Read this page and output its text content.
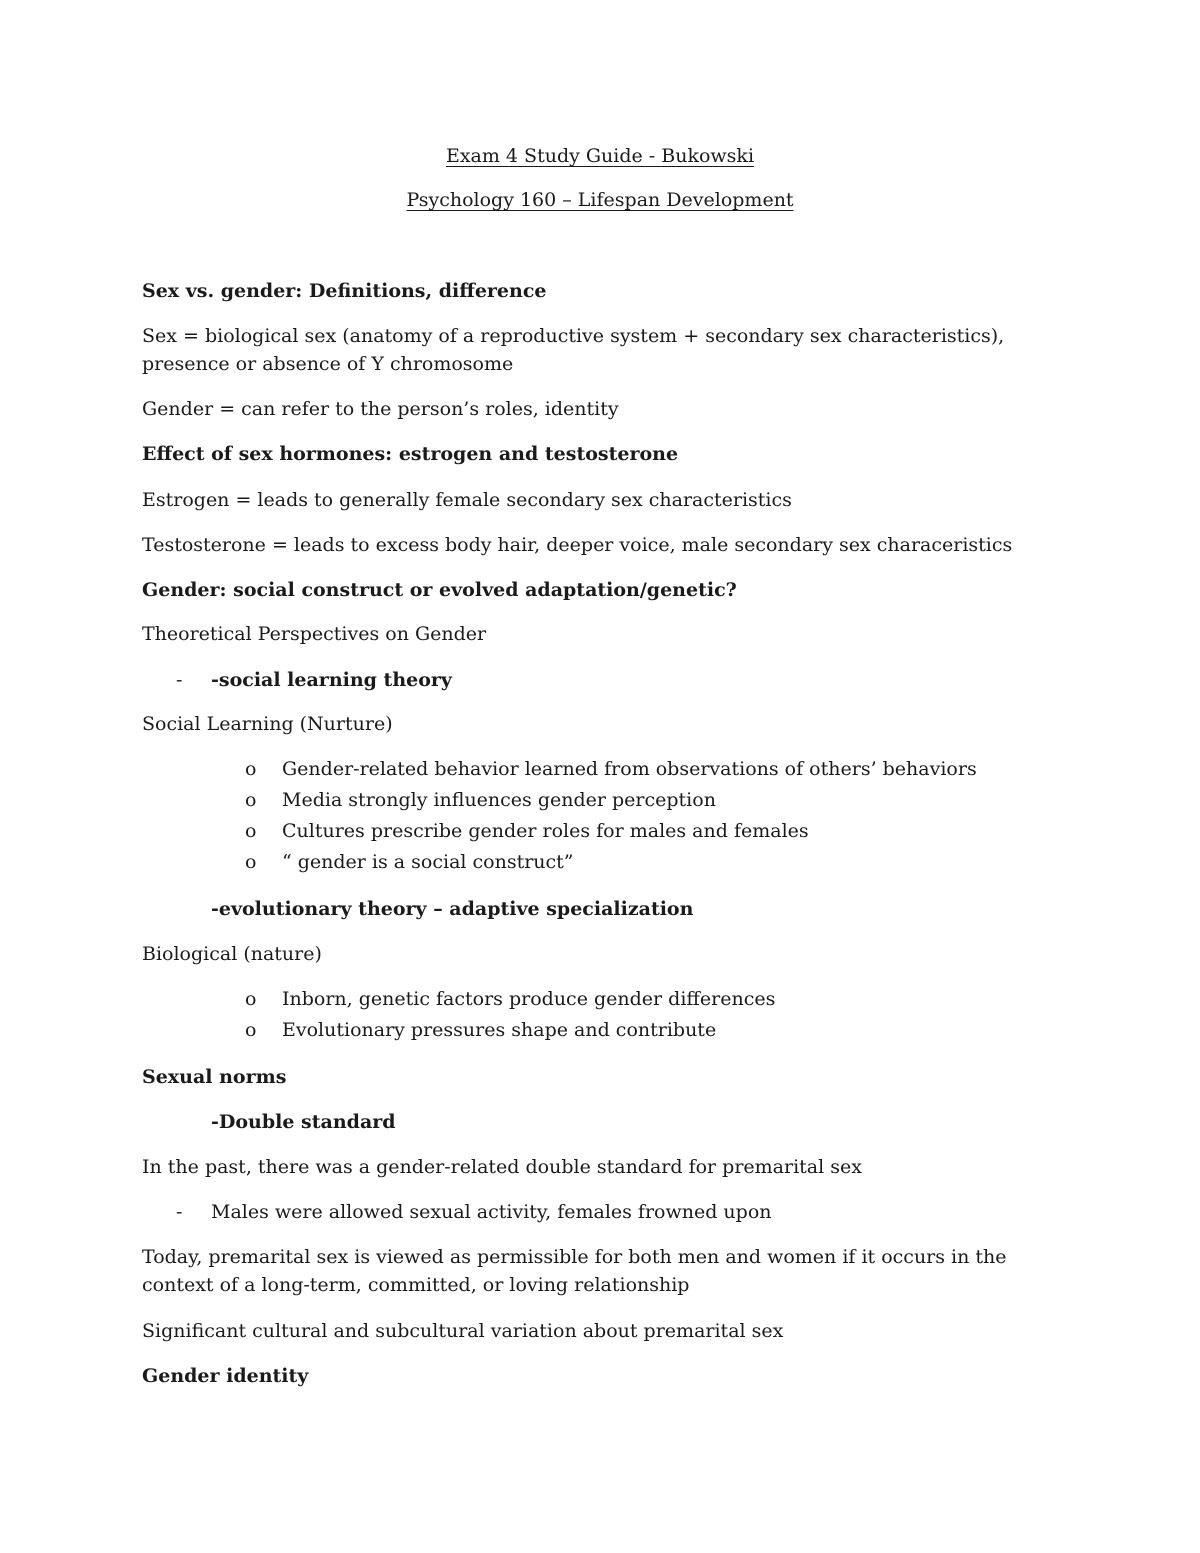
Exam 4 Study Guide - Bukowski

Psychology 160 – Lifespan Development

Sex vs. gender: Definitions, difference

Sex = biological sex (anatomy of a reproductive system + secondary sex characteristics),

presence or absence of Y chromosome

Gender = can refer to the person’s roles, identity

Effect of sex hormones: estrogen and testosterone

Estrogen = leads to generally female secondary sex characteristics

Testosterone = leads to excess body hair, deeper voice, male secondary sex characeristics

Gender: social construct or evolved adaptation/genetic?

Theoretical Perspectives on Gender

- -social learning theory

Social Learning (Nurture)

o Gender-related behavior learned from observations of others’ behaviors
o Media strongly influences gender perception
o Cultures prescribe gender roles for males and females
o “ gender is a social construct”

-evolutionary theory – adaptive specialization

Biological (nature)

o Inborn, genetic factors produce gender differences
o Evolutionary pressures shape and contribute

Sexual norms

-Double standard

In the past, there was a gender-related double standard for premarital sex

- Males were allowed sexual activity, females frowned upon

Today, premarital sex is viewed as permissible for both men and women if it occurs in the

context of a long-term, committed, or loving relationship

Significant cultural and subcultural variation about premarital sex

Gender identity
